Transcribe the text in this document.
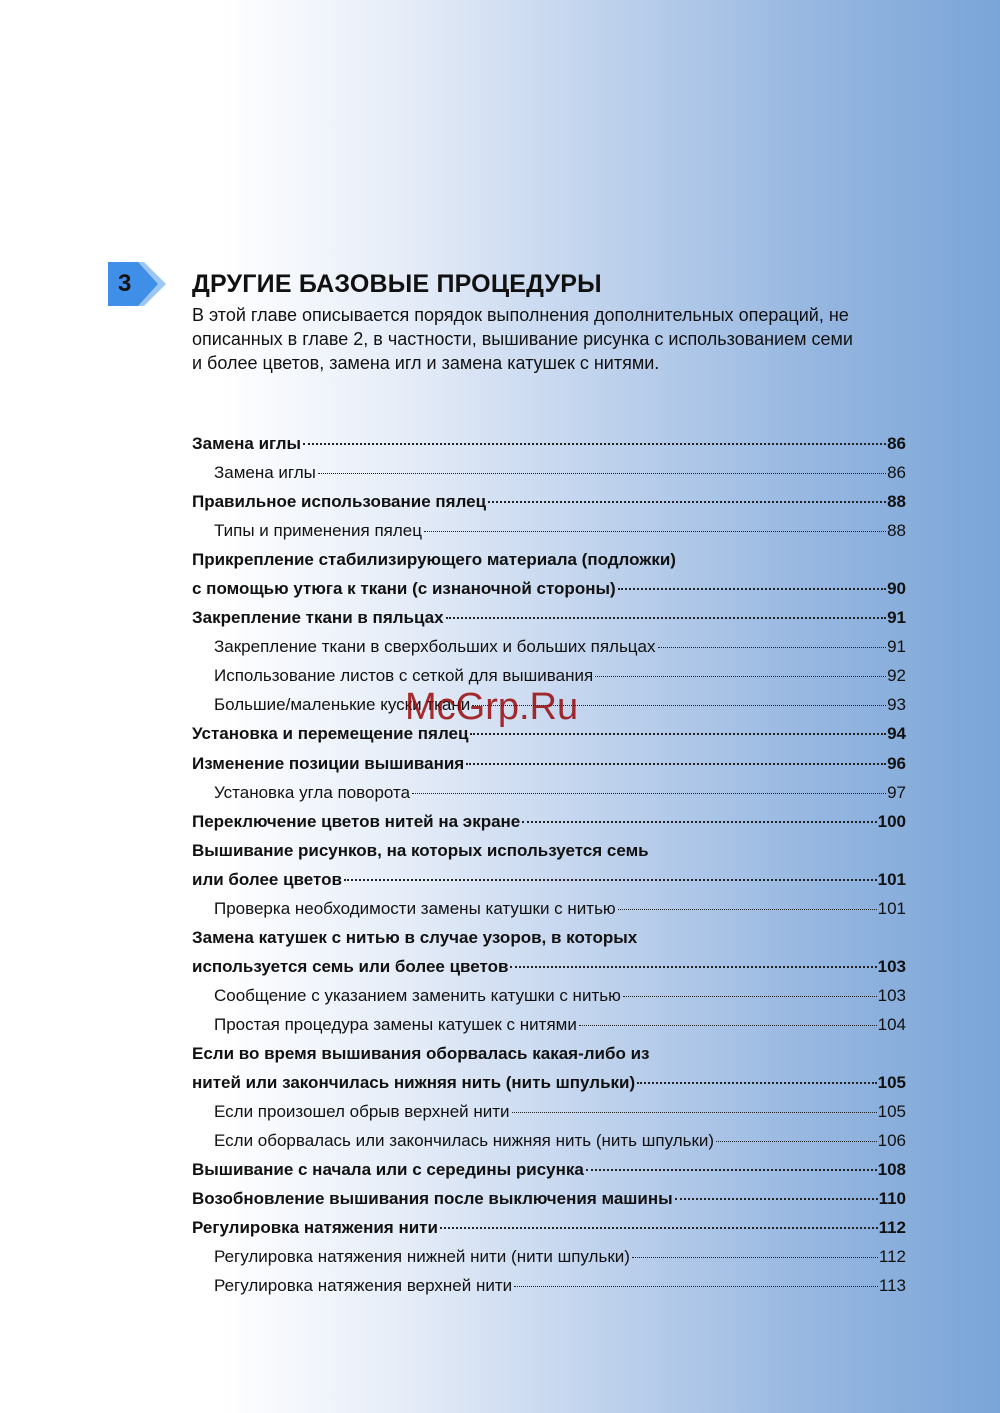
3 ДРУГИЕ БАЗОВЫЕ ПРОЦЕДУРЫ
В этой главе описывается порядок выполнения дополнительных операций, не
описанных в главе 2, в частности, вышивание рисунка с использованием семи
и более цветов, замена игл и замена катушек с нитями.
Замена иглы	86
Замена иглы	86
Правильное использование пялец	88
Типы и применения пялец	88
Прикрепление стабилизирующего материала (подложки)
с помощью утюга к ткани (с изнаночной стороны)	90
Закрепление ткани в пяльцах	91
Закрепление ткани в сверхбольших и больших пяльцах	91
Использование листов с сеткой для вышивания	92
Большие/маленькие куски ткани	93
Установка и перемещение пялец	94
Изменение позиции вышивания	96
Установка угла поворота	97
Переключение цветов нитей на экране	100
Вышивание рисунков, на которых используется семь
или более цветов	101
Проверка необходимости замены катушки с нитью	101
Замена катушек с нитью в случае узоров, в которых
используется семь или более цветов	103
Сообщение с указанием заменить катушки с нитью	103
Простая процедура замены катушек с нитями	104
Если во время вышивания оборвалась какая-либо из
нитей или закончилась нижняя нить (нить шпульки)	105
Если произошел обрыв верхней нити	105
Если оборвалась или закончилась нижняя нить (нить шпульки)	106
Вышивание с начала или с середины рисунка	108
Возобновление вышивания после выключения машины	110
Регулировка натяжения нити	112
Регулировка натяжения нижней нити (нити шпульки)	112
Регулировка натяжения верхней нити	113
McGrp.Ru
